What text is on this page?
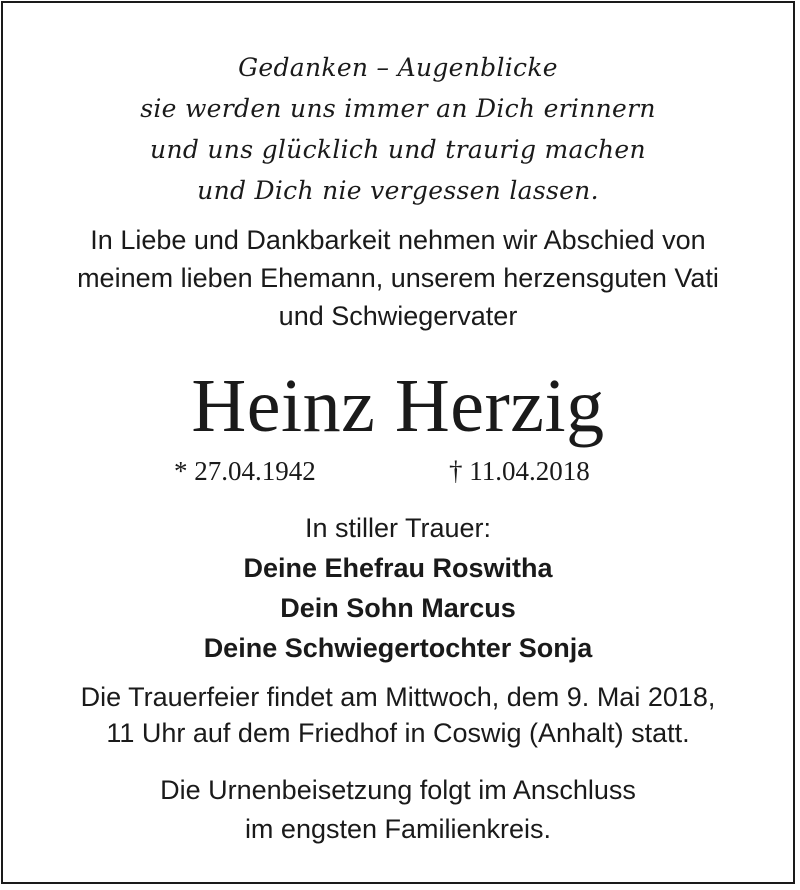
Gedanken – Augenblicke
sie werden uns immer an Dich erinnern
und uns glücklich und traurig machen
und Dich nie vergessen lassen.
In Liebe und Dankbarkeit nehmen wir Abschied von
meinem lieben Ehemann, unserem herzensguten Vati
und Schwiegervater
Heinz Herzig
* 27.04.1942	† 11.04.2018
In stiller Trauer:
Deine Ehefrau Roswitha
Dein Sohn Marcus
Deine Schwiegertochter Sonja
Die Trauerfeier findet am Mittwoch, dem 9. Mai 2018,
11 Uhr auf dem Friedhof in Coswig (Anhalt) statt.
Die Urnenbeisetzung folgt im Anschluss
im engsten Familienkreis.
